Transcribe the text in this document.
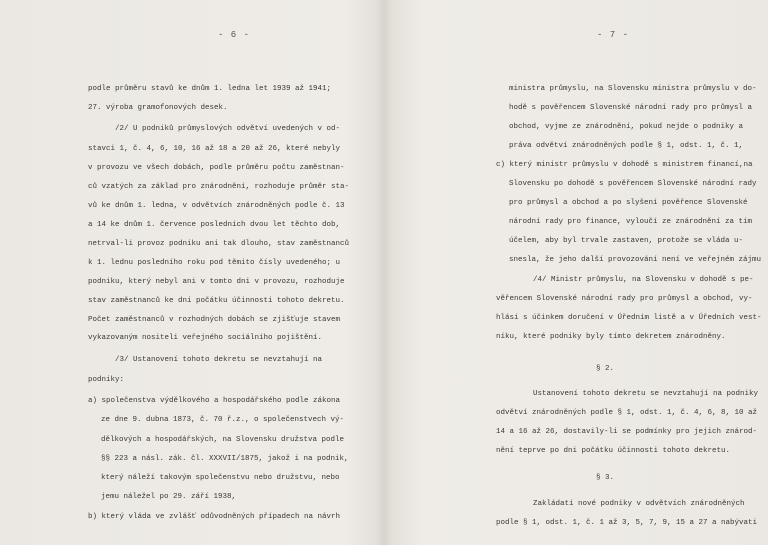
- 6 -

podle průměru stavů ke dnům 1. ledna let 1939 až 1941;

27. výroba gramofonových desek.

/2/ U podniků průmyslových odvětví uvedených v od-

stavci 1, č. 4, 6, 10, 16 až 18 a 20 až 26, které nebyly

v provozu ve všech dobách, podle průměru počtu zaměstnan-

ců vzatých za základ pro znárodnění, rozhoduje průměr sta-

vů ke dnům 1. ledna, v odvětvích znárodněných podle č. 13

a 14 ke dnům 1. července posledních dvou let těchto dob,

netrval-li provoz podniku ani tak dlouho, stav zaměstnanců

k 1. lednu posledního roku pod těmito čísly uvedeného; u

podniku, který nebyl ani v tomto dni v provozu, rozhoduje

stav zaměstnanců ke dni počátku účinnosti tohoto dekretu.

Počet zaměstnanců v rozhodných dobách se zjišťuje stavem

vykazovaným nositeli veřejného sociálního pojištění.

/3/ Ustanovení tohoto dekretu se nevztahují na

podniky:

a) společenstva výdělkového a hospodářského podle zákona

ze dne 9. dubna 1873, č. 70 ř.z., o společenstvech vý-

dělkových a hospodářských, na Slovensku družstva podle

§§ 223 a násl. zák. čl. XXXVII/1875, jakož i na podnik,

který náleží takovým společenstvu nebo družstvu, nebo

jemu náležel po 29. září 1938,

b) který vláda ve zvlášť odůvodněných případech na návrh

- 7 -

ministra průmyslu, na Slovensku ministra průmyslu v do-

hodě s pověřencem Slovenské národní rady pro průmysl a

obchod, vyjme ze znárodnění, pokud nejde o podniky a

práva odvětví znárodněných podle § 1, odst. 1, č. 1,

c) který ministr průmyslu v dohodě s ministrem financí,na

Slovensku po dohodě s pověřencem Slovenské národní rady

pro průmysl a obchod a po slyšení pověřence Slovenské

národní rady pro finance, vyloučí ze znárodnění za tím

účelem, aby byl trvale zastaven, protože se vláda u-

snesla, že jeho další provozování není ve veřejném zájmu

/4/ Ministr průmyslu, na Slovensku v dohodě s pe-

věřencem Slovenské národní rady pro průmysl a obchod, vy-

hlásí s účinkem doručení v Úředním listě a v Úředních vest-

níku, které podniky byly tímto dekretem znárodněny.

§ 2.

Ustanovení tohoto dekretu se nevztahují na podniky

odvětví znárodněných podle § 1, odst. 1, č. 4, 6, 8, 10 až

14 a 16 až 26, dostavily-li se podmínky pro jejich znárod-

nění teprve po dni počátku účinnosti tohoto dekretu.

§ 3.

Zakládati nové podniky v odvětvích znárodněných

podle § 1, odst. 1, č. 1 až 3, 5, 7, 9, 15 a 27 a nabývati
